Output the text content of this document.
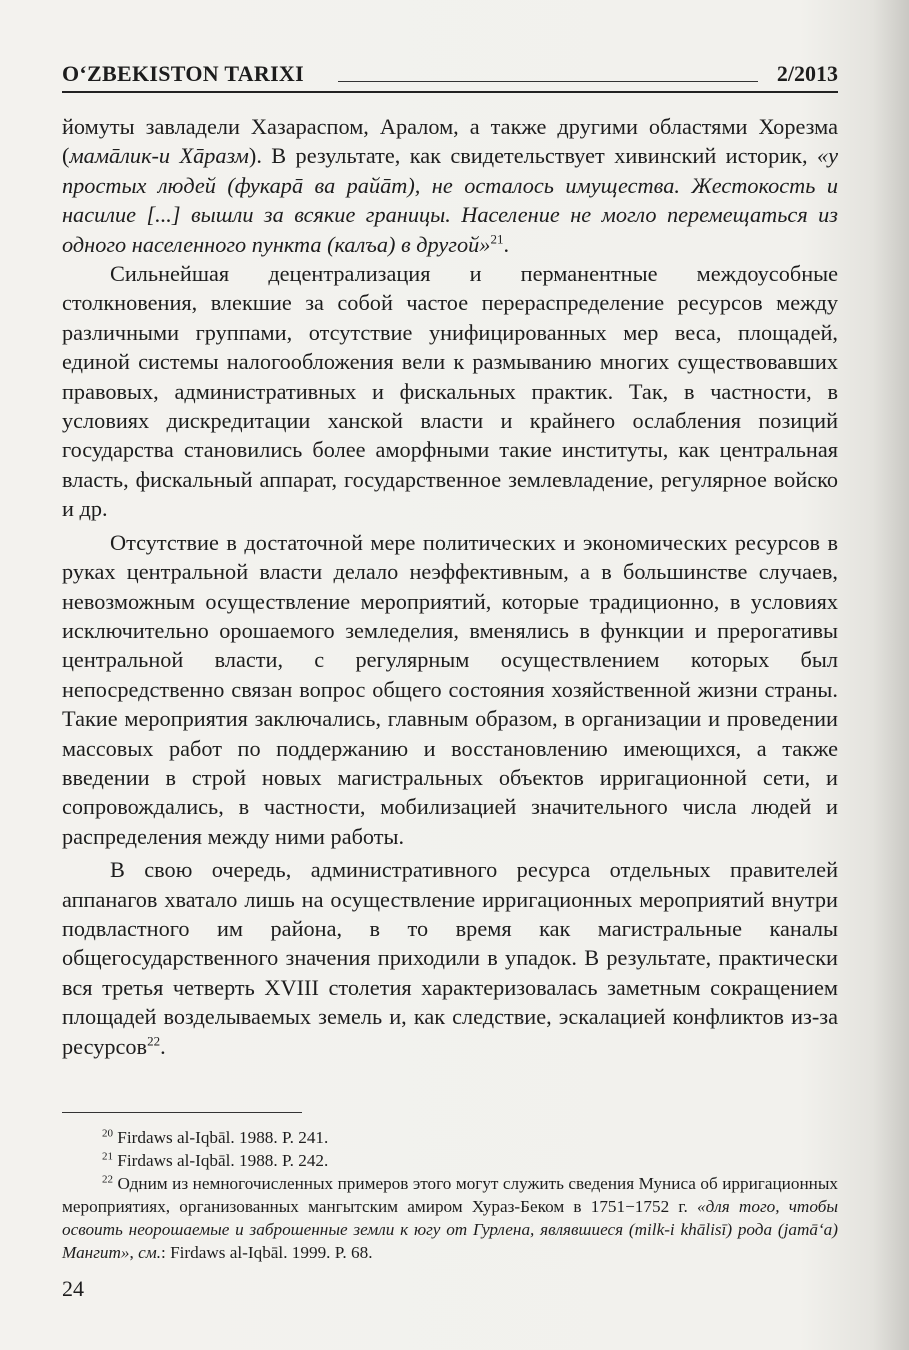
O‘ZBEKISTON TARIXI	2/2013

йомуты завладели Хазараспом, Аралом, а также другими областями Хорезма (мамāлик-и Хāразм). В результате, как свидетельствует хивинский историк, «у простых людей (фукарā ва райāт), не осталось имущества. Жестокость и насилие [...] вышли за всякие границы. Население не могло перемещаться из одного населенного пункта (калъа) в другой»$^{21}$.

Сильнейшая децентрализация и перманентные междоусобные столкновения, влекшие за собой частое перераспределение ресурсов между различными группами, отсутствие унифицированных мер веса, площадей, единой системы налогообложения вели к размыванию многих существовавших правовых, административных и фискальных практик. Так, в частности, в условиях дискредитации ханской власти и крайнего ослабления позиций государства становились более аморфными такие институты, как центральная власть, фискальный аппарат, государственное землевладение, регулярное войско и др.

Отсутствие в достаточной мере политических и экономических ресурсов в руках центральной власти делало неэффективным, а в большинстве случаев, невозможным осуществление мероприятий, которые традиционно, в условиях исключительно орошаемого земледелия, вменялись в функции и прерогативы центральной власти, с регулярным осуществлением которых был непосредственно связан вопрос общего состояния хозяйственной жизни страны. Такие мероприятия заключались, главным образом, в организации и проведении массовых работ по поддержанию и восстановлению имеющихся, а также введении в строй новых магистральных объектов ирригационной сети, и сопровождались, в частности, мобилизацией значительного числа людей и распределения между ними работы.

В свою очередь, административного ресурса отдельных правителей аппанагов хватало лишь на осуществление ирригационных мероприятий внутри подвластного им района, в то время как магистральные каналы общегосударственного значения приходили в упадок. В результате, практически вся третья четверть XVIII столетия характеризовалась заметным сокращением площадей возделываемых земель и, как следствие, эскалацией конфликтов из-за ресурсов$^{22}$.

$^{20}$ Firdaws al-Iqbāl. 1988. P. 241.

$^{21}$ Firdaws al-Iqbāl. 1988. P. 242.

$^{22}$ Одним из немногочисленных примеров этого могут служить сведения Муниса об ирригационных мероприятиях, организованных мангытским амиром Хураз-Беком в 1751−1752 г. «для того, чтобы освоить неорошаемые и заброшенные земли к югу от Гурлена, являвшиеся (milk-i khālisī) рода (jamā‘a) Мангит», см.: Firdaws al-Iqbāl. 1999. P. 68.

24
